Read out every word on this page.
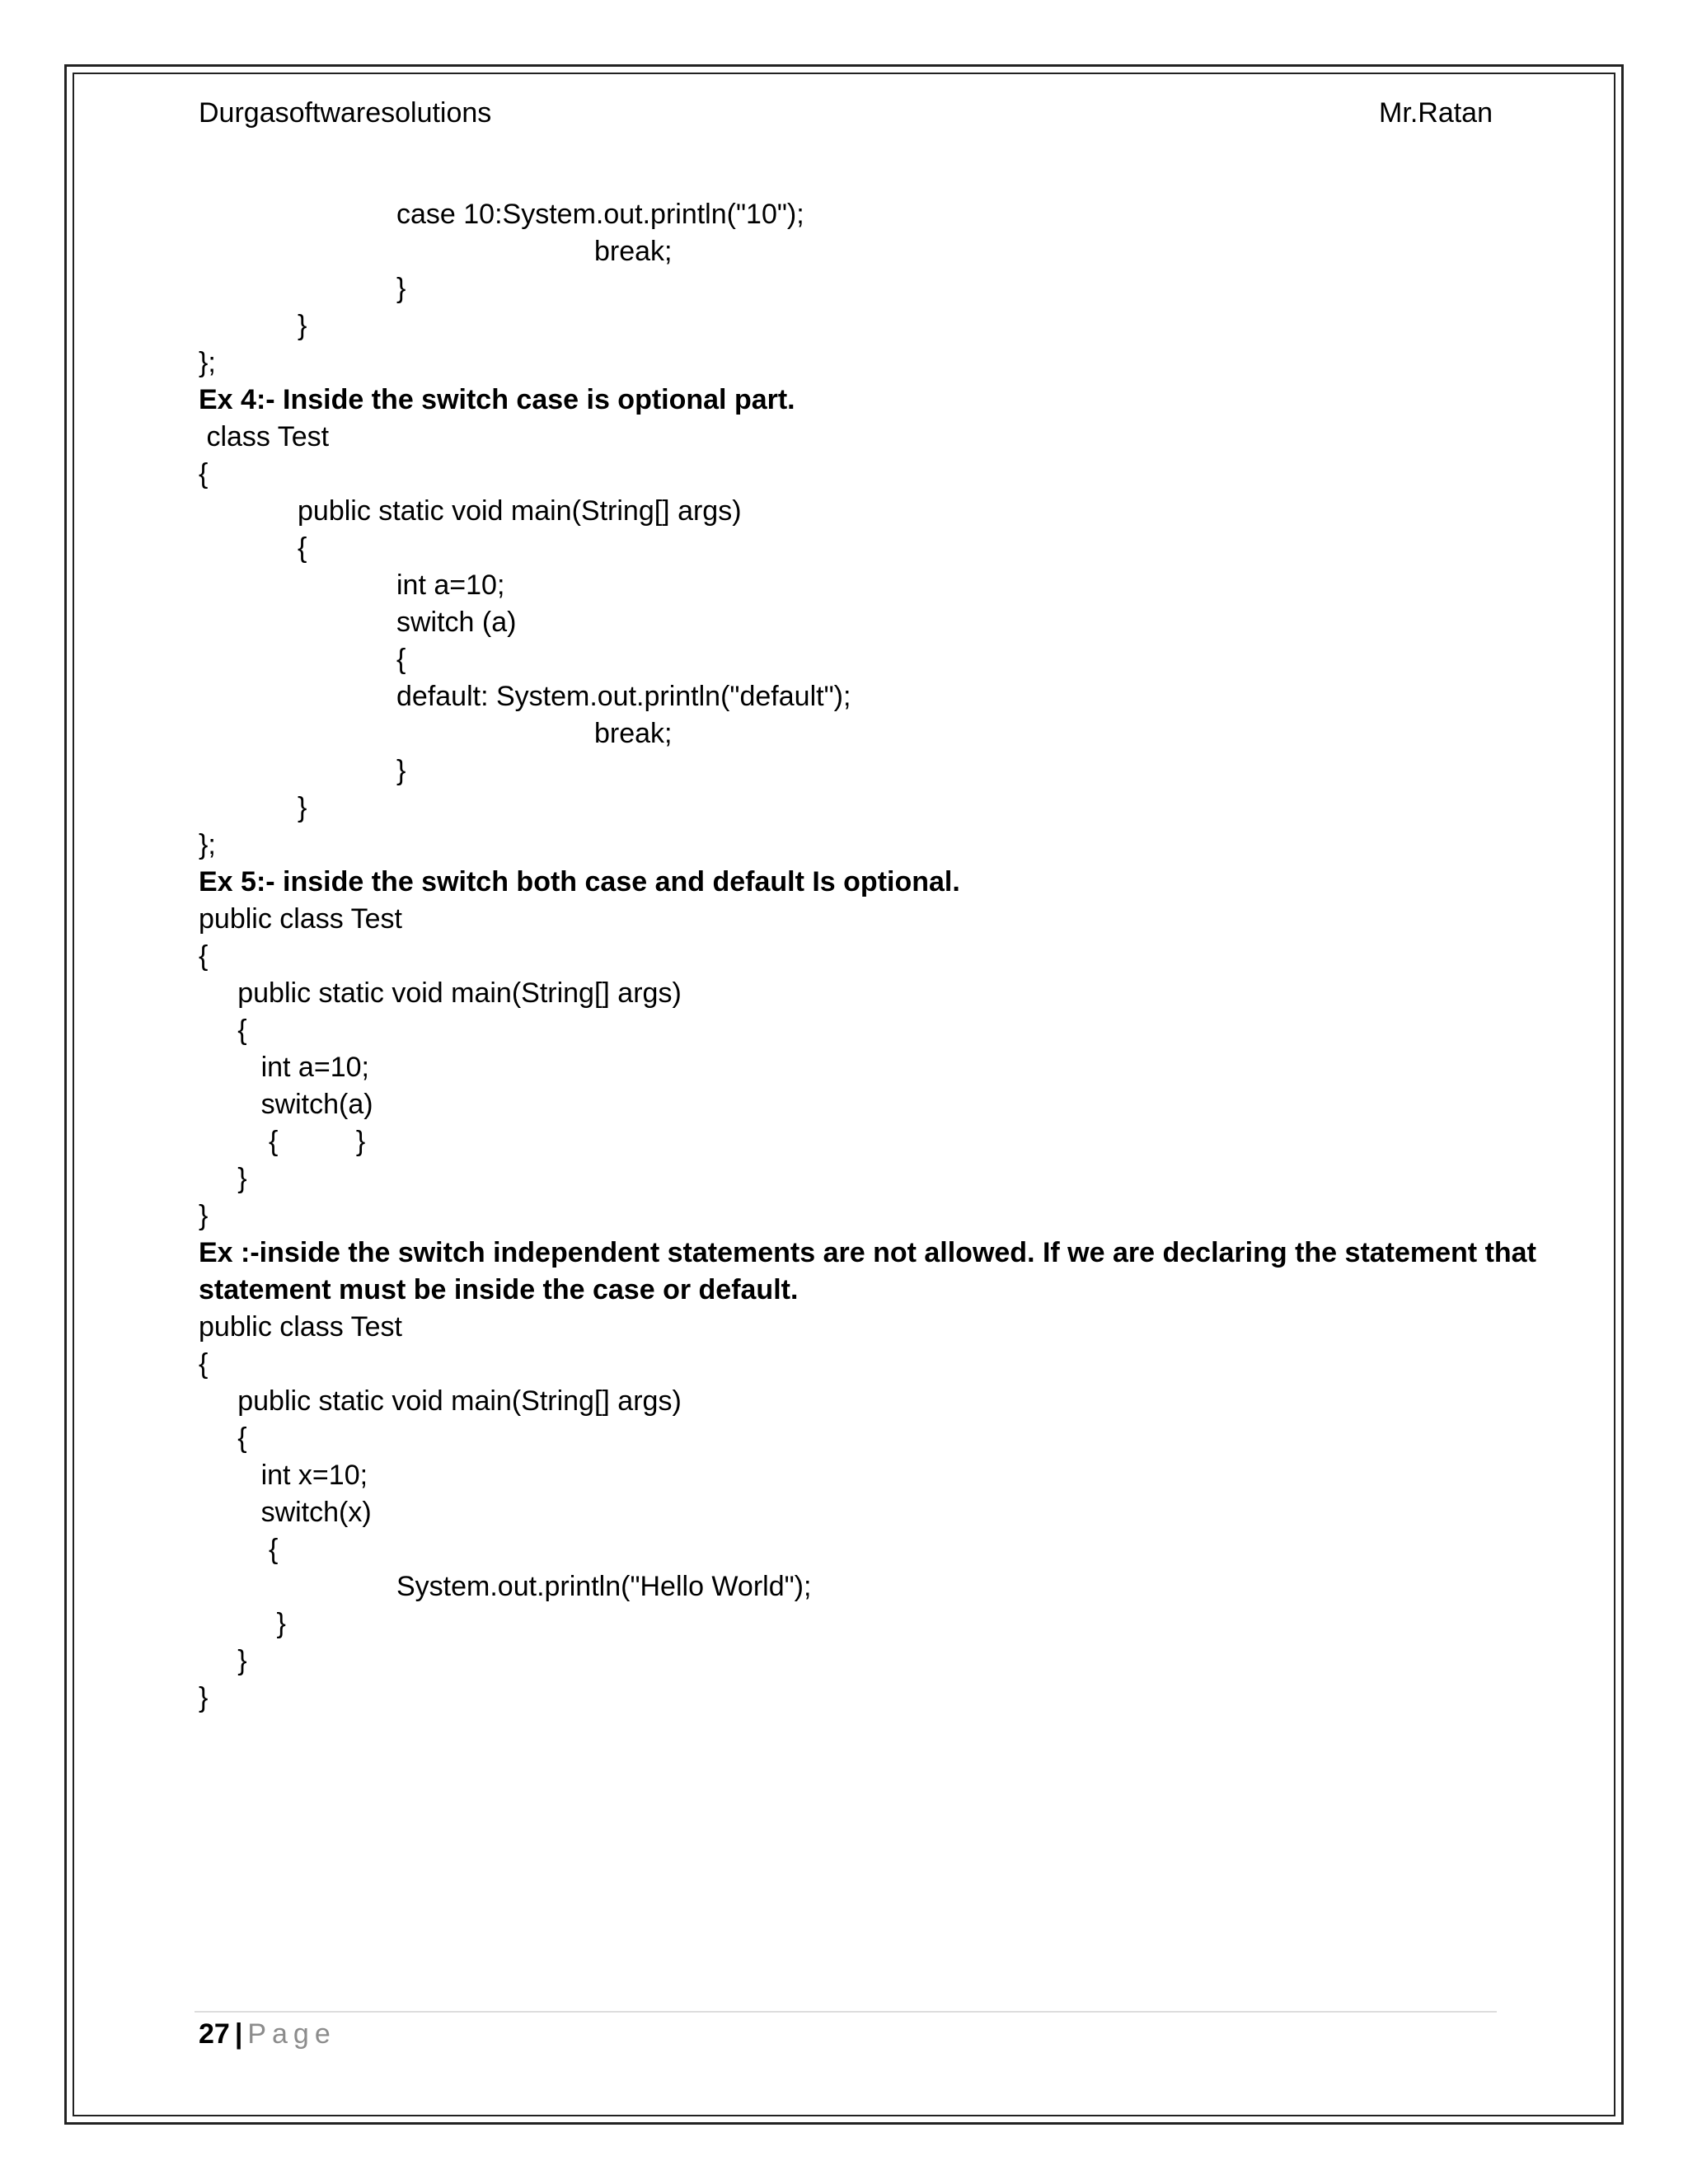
Durgasoftwaresolutions	Mr.Ratan
case 10:System.out.println("10");
break;
}
}
};
Ex 4:- Inside the switch case is optional part.
class Test
{
public static void main(String[] args)
{
int a=10;
switch (a)
{
default: System.out.println("default");
break;
}
}
};
Ex 5:- inside the switch both case and default Is optional.
public class Test
{
public static void main(String[] args)
{
int a=10;
switch(a)
{          }
}
}
Ex :-inside the switch independent statements are not allowed. If we are declaring the statement that
statement must be inside the case or default.
public class Test
{
public static void main(String[] args)
{
int x=10;
switch(x)
{
System.out.println("Hello World");
}
}
}
27 | Page
